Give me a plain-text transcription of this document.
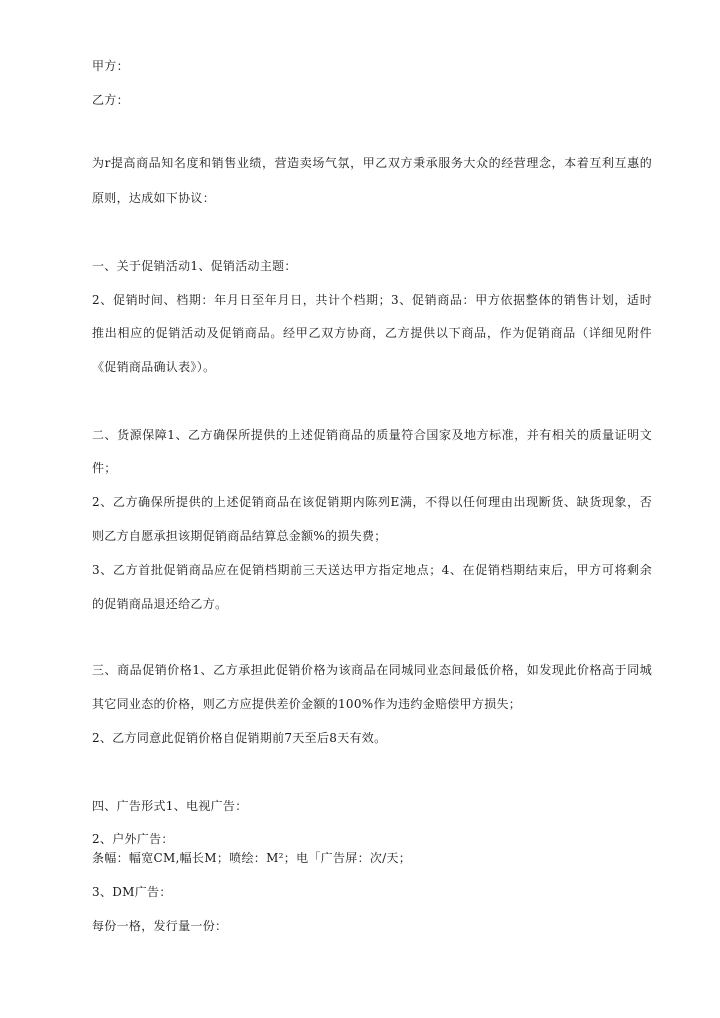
甲方：
乙方：
为r提高商品知名度和销售业绩，营造卖场气氛，甲乙双方秉承服务大众的经营理念，本着互利互惠的
原则，达成如下协议：
一、关于促销活动1、促销活动主题：
2、促销时间、档期：年月日至年月日，共计个档期；3、促销商品：甲方依据整体的销售计划，适时
推出相应的促销活动及促销商品。经甲乙双方协商，乙方提供以下商品，作为促销商品（详细见附件
《促销商品确认表》）。
二、货源保障1、乙方确保所提供的上述促销商品的质量符合国家及地方标准，并有相关的质量证明文
件；
2、乙方确保所提供的上述促销商品在该促销期内陈列E满，不得以任何理由出现断货、缺货现象，否
则乙方自愿承担该期促销商品结算总金额%的损失费；
3、乙方首批促销商品应在促销档期前三天送达甲方指定地点；4、在促销档期结束后，甲方可将剩余
的促销商品退还给乙方。
三、商品促销价格1、乙方承担此促销价格为该商品在同城同业态间最低价格，如发现此价格高于同城
其它同业态的价格，则乙方应提供差价金额的100%作为违约金赔偿甲方损失；
2、乙方同意此促销价格自促销期前7天至后8天有效。
四、广告形式1、电视广告：
2、户外广告：
条幅：幅宽CM,幅长M；喷绘：M²；电「广告屏：次/天；
3、DM广告：
每份一格，发行量一份：
